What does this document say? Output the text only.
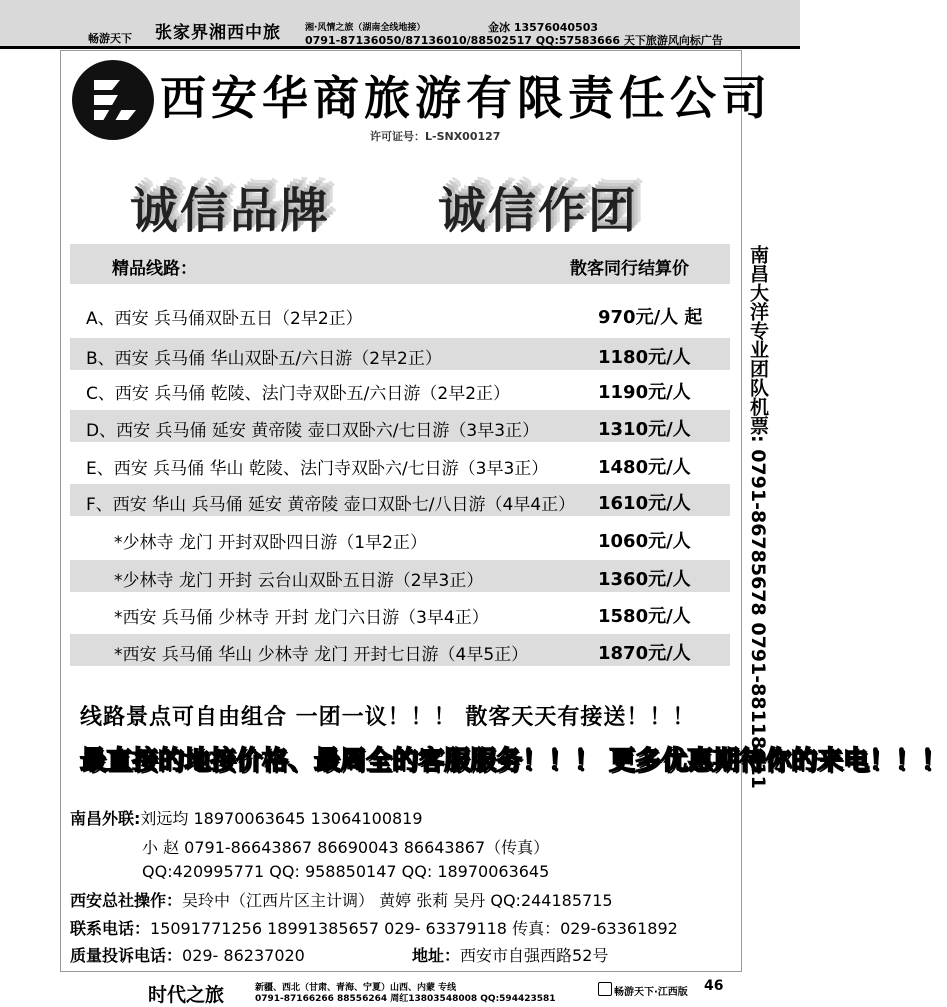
畅游天下 张家界湘西中旅	湘·风情之旅（湖南全线地接）	金冰 13576040503
0791-87136050/87136010/88502517 QQ:57583666 天下旅游风向标广告
西安华商旅游有限责任公司
许可证号：L-SNX00127
诚信品牌 诚信作团
精品线路：	散客同行结算价
A、西安 兵马俑双卧五日（2早2正）	970元/人 起
B、西安 兵马俑 华山双卧五/六日游（2早2正）	1180元/人
C、西安 兵马俑 乾陵、法门寺双卧五/六日游（2早2正）	1190元/人
D、西安 兵马俑 延安 黄帝陵 壶口双卧六/七日游（3早3正）	1310元/人
E、西安 兵马俑 华山 乾陵、法门寺双卧六/七日游（3早3正）	1480元/人
F、西安 华山 兵马俑 延安 黄帝陵 壶口双卧七/八日游（4早4正） 1610元/人
*少林寺 龙门 开封双卧四日游（1早2正）	1060元/人
*少林寺 龙门 开封 云台山双卧五日游（2早3正）	1360元/人
*西安 兵马俑 少林寺 开封 龙门六日游（3早4正）	1580元/人
*西安 兵马俑 华山 少林寺 龙门 开封七日游（4早5正）	1870元/人
线路景点可自由组合 一团一议！！！ 散客天天有接送！！！
最直接的地接价格、最周全的客服服务！！！ 更多优惠期待你的来电！！！
南昌外联:刘远均 18970063645 13064100819
小 赵 0791-86643867 86690043 86643867（传真）
QQ:420995771 QQ: 958850147 QQ: 18970063645
西安总社操作：吴玲中（江西片区主计调） 黄婷 张莉 吴丹 QQ:244185715
联系电话：15091771256 18991385657 029- 63379118 传真：029-63361892
质量投诉电话：029- 86237020	地址：西安市自强西路52号
南昌大洋专业团队机票: 0791-86785678 0791-88118811
时代之旅	新疆、西北（甘肃、青海、宁夏）山西、内蒙 专线
0791-87166266 88556264 周红13803548008 QQ:594423581
畅游天下·江西版 46
